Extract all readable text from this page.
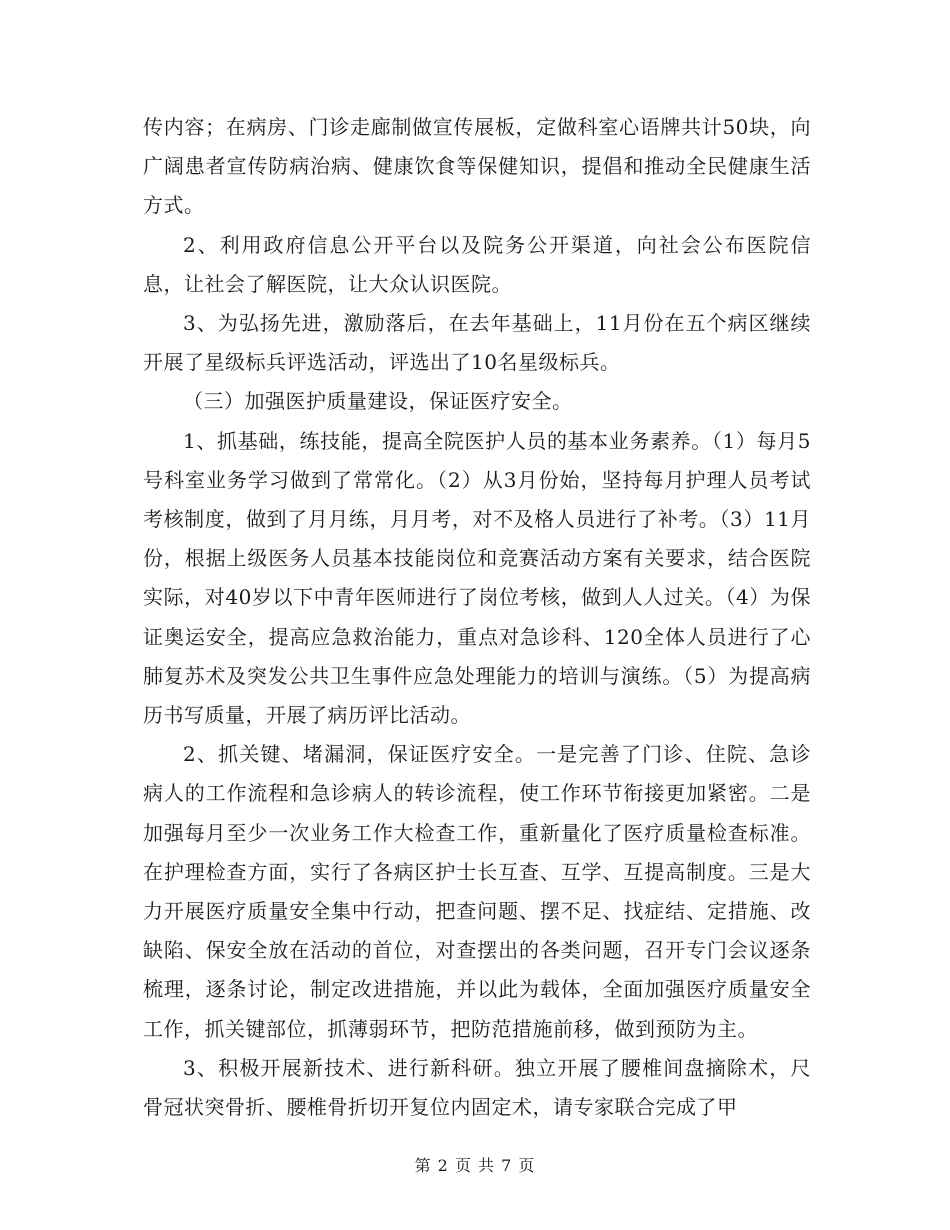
传内容；在病房、门诊走廊制做宣传展板，定做科室心语牌共计50块，向广阔患者宣传防病治病、健康饮食等保健知识，提倡和推动全民健康生活方式。

2、利用政府信息公开平台以及院务公开渠道，向社会公布医院信息，让社会了解医院，让大众认识医院。

3、为弘扬先进，激励落后，在去年基础上，11月份在五个病区继续开展了星级标兵评选活动，评选出了10名星级标兵。

（三）加强医护质量建设，保证医疗安全。

1、抓基础，练技能，提高全院医护人员的基本业务素养。（1）每月5号科室业务学习做到了常常化。（2）从3月份始，坚持每月护理人员考试考核制度，做到了月月练，月月考，对不及格人员进行了补考。（3）11月份，根据上级医务人员基本技能岗位和竞赛活动方案有关要求，结合医院实际，对40岁以下中青年医师进行了岗位考核，做到人人过关。（4）为保证奥运安全，提高应急救治能力，重点对急诊科、120全体人员进行了心肺复苏术及突发公共卫生事件应急处理能力的培训与演练。（5）为提高病历书写质量，开展了病历评比活动。

2、抓关键、堵漏洞，保证医疗安全。一是完善了门诊、住院、急诊病人的工作流程和急诊病人的转诊流程，使工作环节衔接更加紧密。二是加强每月至少一次业务工作大检查工作，重新量化了医疗质量检查标准。在护理检查方面，实行了各病区护士长互查、互学、互提高制度。三是大力开展医疗质量安全集中行动，把查问题、摆不足、找症结、定措施、改缺陷、保安全放在活动的首位，对查摆出的各类问题，召开专门会议逐条梳理，逐条讨论，制定改进措施，并以此为载体，全面加强医疗质量安全工作，抓关键部位，抓薄弱环节，把防范措施前移，做到预防为主。

3、积极开展新技术、进行新科研。独立开展了腰椎间盘摘除术，尺骨冠状突骨折、腰椎骨折切开复位内固定术，请专家联合完成了甲

第 2 页 共 7 页
